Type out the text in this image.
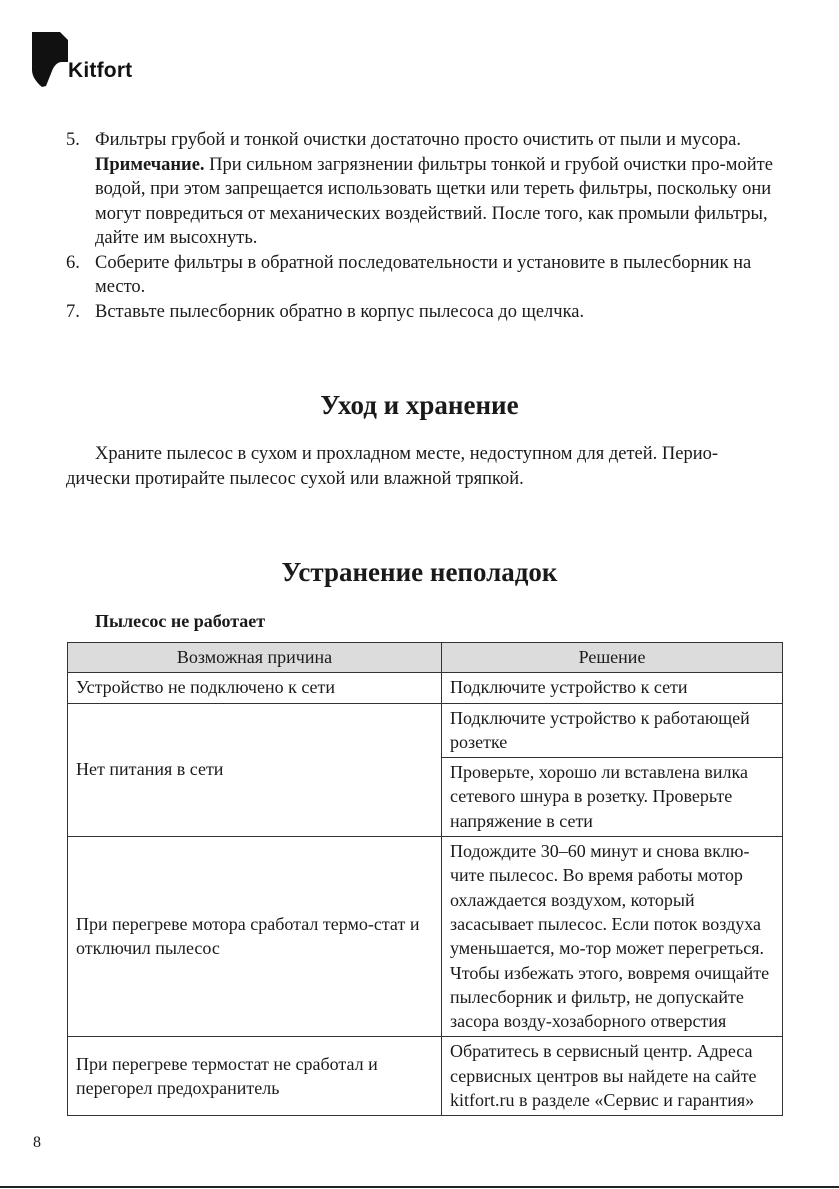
Kitfort
5. Фильтры грубой и тонкой очистки достаточно просто очистить от пыли и мусора.
Примечание. При сильном загрязнении фильтры тонкой и грубой очистки про-мойте водой, при этом запрещается использовать щетки или тереть фильтры, поскольку они могут повредиться от механических воздействий. После того, как промыли фильтры, дайте им высохнуть.
6. Соберите фильтры в обратной последовательности и установите в пылесборник на место.
7. Вставьте пылесборник обратно в корпус пылесоса до щелчка.
Уход и хранение

Храните пылесос в сухом и прохладном месте, недоступном для детей. Перио-дически протирайте пылесос сухой или влажной тряпкой.

Устранение неполадок

Пылесос не работает

Возможная причина	Решение
Устройство не подключено к сети	Подключите устройство к сети
Нет питания в сети	Подключите устройство к работающей розетке
	Проверьте, хорошо ли вставлена вилка сетевого шнура в розетку. Проверьте напряжение в сети
При перегреве мотора сработал термо-стат и отключил пылесос	Подождите 30–60 минут и снова вклю-чите пылесос. Во время работы мотор охлаждается воздухом, который засасывает пылесос. Если поток воздуха уменьшается, мо-тор может перегреться. Чтобы избежать этого, вовремя очищайте пылесборник и фильтр, не допускайте засора возду-хозаборного отверстия
При перегреве термостат не сработал и перегорел предохранитель	Обратитесь в сервисный центр. Адреса сервисных центров вы найдете на сайте kitfort.ru в разделе «Сервис и гарантия»
8
